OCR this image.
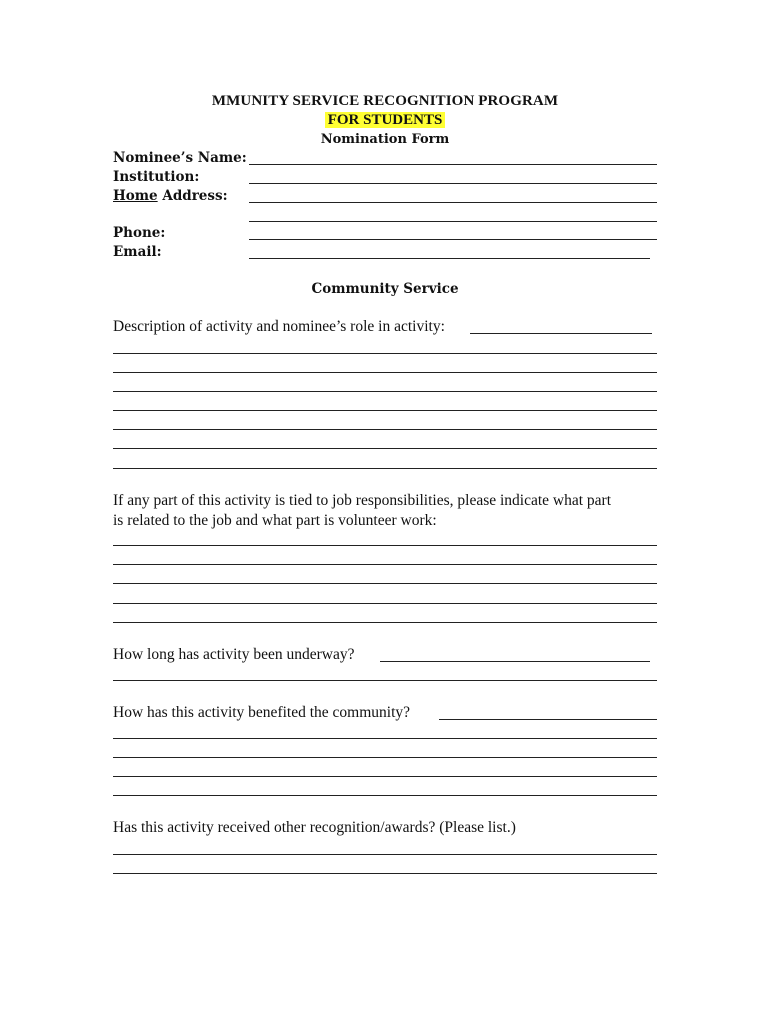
MMUNITY SERVICE RECOGNITION PROGRAM
FOR STUDENTS
Nomination Form
Nominee’s Name:
Institution:
Home Address:
Phone:
Email:
Community Service
Description of activity and nominee’s role in activity:
If any part of this activity is tied to job responsibilities, please indicate what part
is related to the job and what part is volunteer work:
How long has activity been underway?
How has this activity benefited the community?
Has this activity received other recognition/awards? (Please list.)
